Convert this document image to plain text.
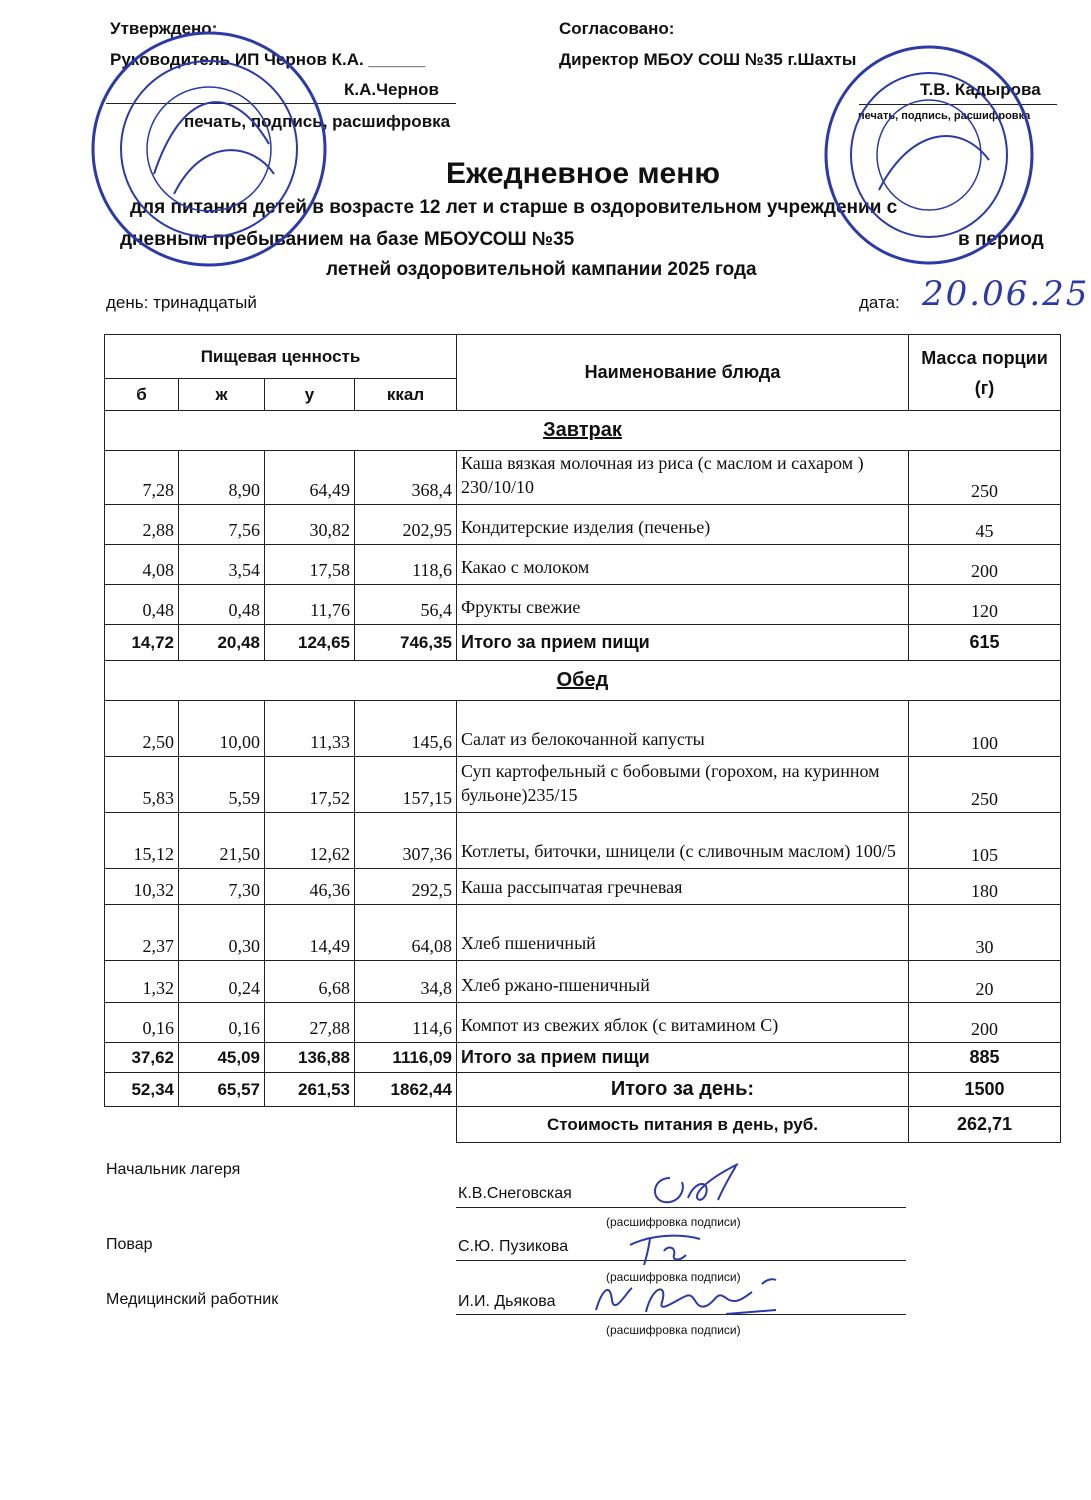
Утверждено:
Руководитель ИП Чернов К.А. ______
К.А.Чернов
печать, подпись, расшифровка
Согласовано:
Директор МБОУ СОШ №35 г.Шахты
Т.В. Кадырова
печать, подпись, расшифровка
Ежедневное меню
для питания детей в возрасте 12 лет и старше в оздоровительном учреждении с
дневным пребыванием на базе МБОУСОШ №35	в период
летней оздоровительной кампании 2025 года
день: тринадцатый	дата: 20.06.25
Пищевая ценность				Наименование блюда	Масса порции (г)
б	ж	у	ккал		
Завтрак					
7,28	8,90	64,49	368,4	Каша вязкая молочная из риса (с маслом и сахаром ) 230/10/10	250
2,88	7,56	30,82	202,95	Кондитерские изделия (печенье)	45
4,08	3,54	17,58	118,6	Какао с молоком	200
0,48	0,48	11,76	56,4	Фрукты свежие	120
14,72	20,48	124,65	746,35	Итого за прием пищи	615
Обед					
2,50	10,00	11,33	145,6	Салат из белокочанной капусты	100
5,83	5,59	17,52	157,15	Суп картофельный с бобовыми (горохом, на куринном бульоне)235/15	250
15,12	21,50	12,62	307,36	Котлеты, биточки, шницели (с сливочным маслом) 100/5	105
10,32	7,30	46,36	292,5	Каша рассыпчатая гречневая	180
2,37	0,30	14,49	64,08	Хлеб пшеничный	30
1,32	0,24	6,68	34,8	Хлеб ржано-пшеничный	20
0,16	0,16	27,88	114,6	Компот из свежих яблок (с витамином С)	200
37,62	45,09	136,88	1116,09	Итого за прием пищи	885
52,34	65,57	261,53	1862,44	Итого за день:	1500
				Стоимость питания в день, руб.	262,71
Начальник лагеря
К.В.Снеговская
(расшифровка подписи)
Повар	С.Ю. Пузикова
(расшифровка подписи)
Медицинский работник	И.И. Дьякова
(расшифровка подписи)
